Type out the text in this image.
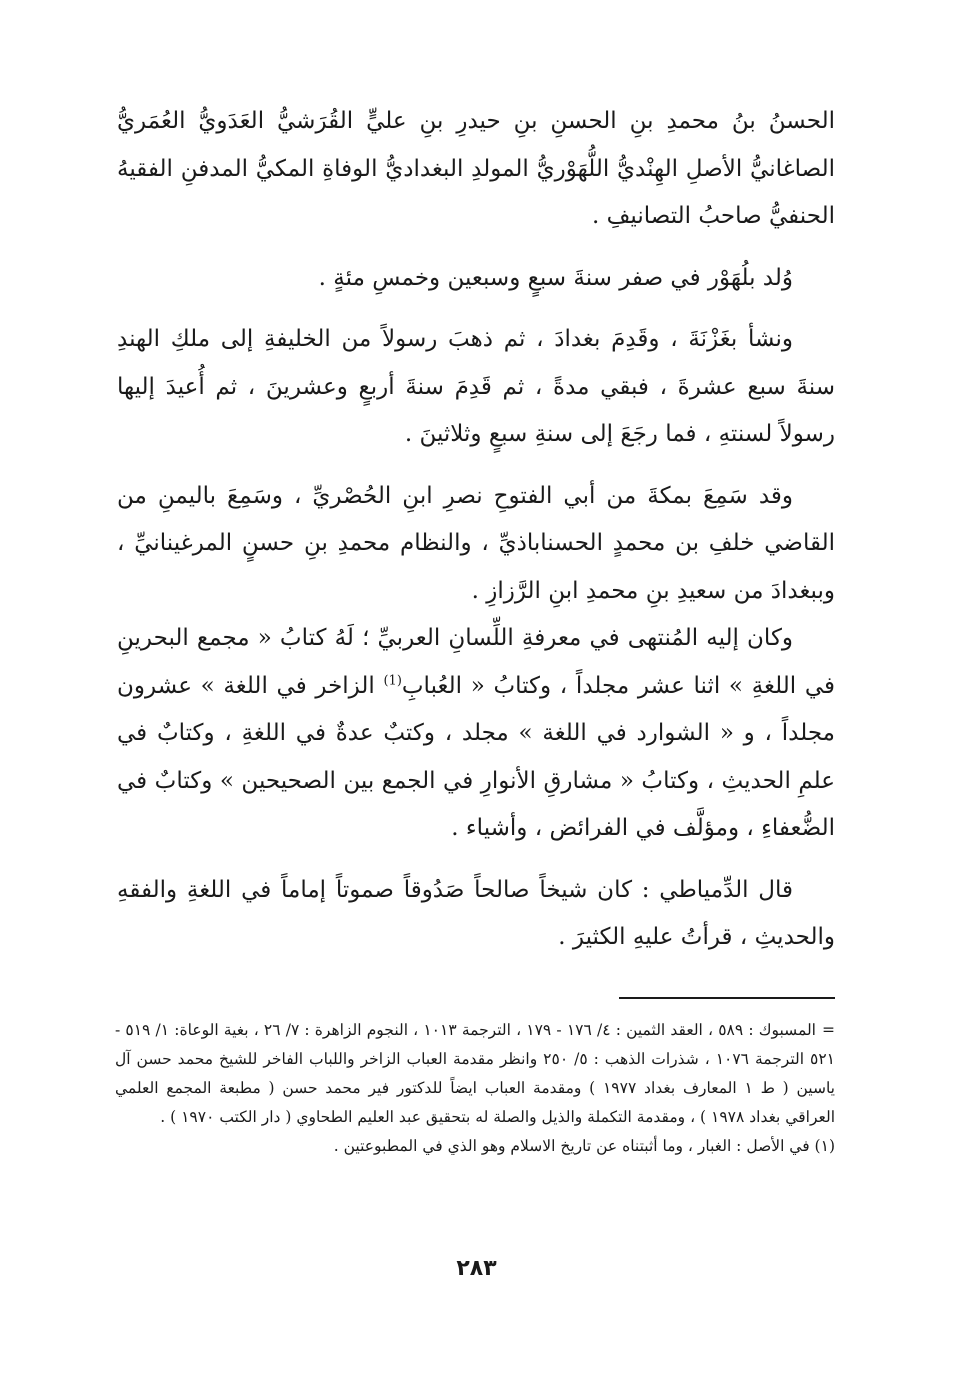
الحسنُ بنُ محمدِ بنِ الحسنِ بنِ حيدرِ بنِ عليٍّ القُرَشيُّ العَدَويُّ العُمَريُّ الصاغانيُّ الأصلِ الهِنْديُّ اللُّهَوْريُّ المولدِ البغداديُّ الوفاةِ المكيُّ المدفنِ الفقيهُ الحنفيُّ صاحبُ التصانيفِ .

وُلد بلُهَوْر في صفر سنةَ سبعٍ وسبعين وخمسِ مئةٍ .

ونشأ بغَزْنَةَ ، وقَدِمَ بغدادَ ، ثم ذهبَ رسولاً من الخليفةِ إلى ملكِ الهندِ سنةَ سبع عشرةَ ، فبقي مدةً ، ثم قَدِمَ سنةَ أربعٍ وعشرينَ ، ثم أُعيدَ إليها رسولاً لسنتهِ ، فما رجَعَ إلى سنةِ سبعٍ وثلاثينَ .

وقد سَمِعَ بمكةَ من أبي الفتوحِ نصرِ ابنِ الحُصْريِّ ، وسَمِعَ باليمنِ من القاضي خلفِ بن محمدٍ الحسناباذيِّ ، والنظام محمدِ بنِ حسنٍ المرغينانيِّ ، وببغدادَ من سعيدِ بنِ محمدِ ابنِ الرَّزازِ .

وكان إليه المُنتهى في معرفةِ اللِّسانِ العربيِّ ؛ لَهُ كتابُ « مجمع البحرينِ في اللغةِ » اثنا عشر مجلداً ، وكتابُ « العُبابِ$^{(1)}$ الزاخر في اللغة » عشرون مجلداً ، و « الشوارد في اللغة » مجلد ، وكتبٌ عدةٌ في اللغةِ ، وكتابٌ في علمِ الحديثِ ، وكتابُ « مشارقِ الأنوارِ في الجمع بين الصحيحين » وكتابٌ في الضُّعفاءِ ، ومؤلَّف في الفرائض ، وأشياء .

قال الدِّمياطي : كان شيخاً صالحاً صَدُوقاً صموتاً إماماً في اللغةِ والفقهِ والحديثِ ، قرأتُ عليهِ الكثيرَ .

=المسبوك : ٥٨٩ ، العقد الثمين : ٤/ ١٧٦ - ١٧٩ ، الترجمة ١٠١٣ ، النجوم الزاهرة : ٧/ ٢٦ ، بغية الوعاة: ١/ ٥١٩ - ٥٢١ الترجمة ١٠٧٦ ، شذرات الذهب : ٥/ ٢٥٠ وانظر مقدمة العباب الزاخر واللباب الفاخر للشيخ محمد حسن آل ياسين ( ط ١ المعارف بغداد ١٩٧٧ ) ومقدمة العباب ايضاً للدكتور فير محمد حسن ( مطبعة المجمع العلمي العراقي بغداد ١٩٧٨ ) ، ومقدمة التكملة والذيل والصلة له بتحقيق عبد العليم الطحاوي ( دار الكتب ١٩٧٠ ) .

(١) في الأصل : الغبار ، وما أثبتناه عن تاريخ الاسلام وهو الذي في المطبوعتين .

٢٨٣
